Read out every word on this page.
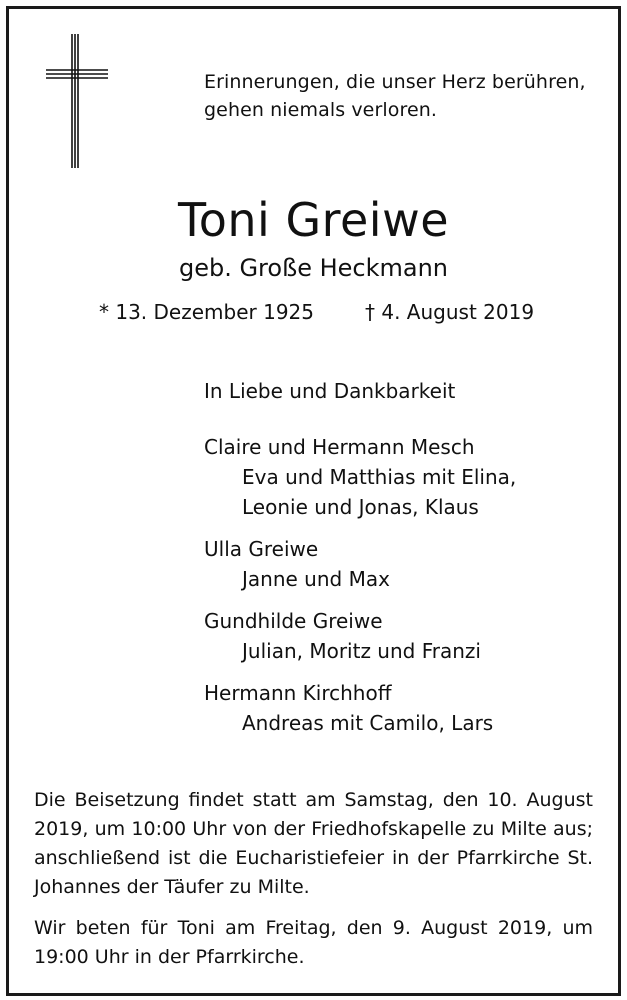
Erinnerungen, die unser Herz berühren,
gehen niemals verloren.
Toni Greiwe
geb. Große Heckmann
* 13. Dezember 1925	† 4. August 2019
In Liebe und Dankbarkeit
Claire und Hermann Mesch
Eva und Matthias mit Elina,
Leonie und Jonas, Klaus
Ulla Greiwe
Janne und Max
Gundhilde Greiwe
Julian, Moritz und Franzi
Hermann Kirchhoff
Andreas mit Camilo, Lars

Die Beisetzung findet statt am Samstag, den 10. August 2019, um 10:00 Uhr von der Friedhofskapelle zu Milte aus; anschließend ist die Eucharistiefeier in der Pfarrkirche St. Johannes der Täufer zu Milte.

Wir beten für Toni am Freitag, den 9. August 2019, um 19:00 Uhr in der Pfarrkirche.
